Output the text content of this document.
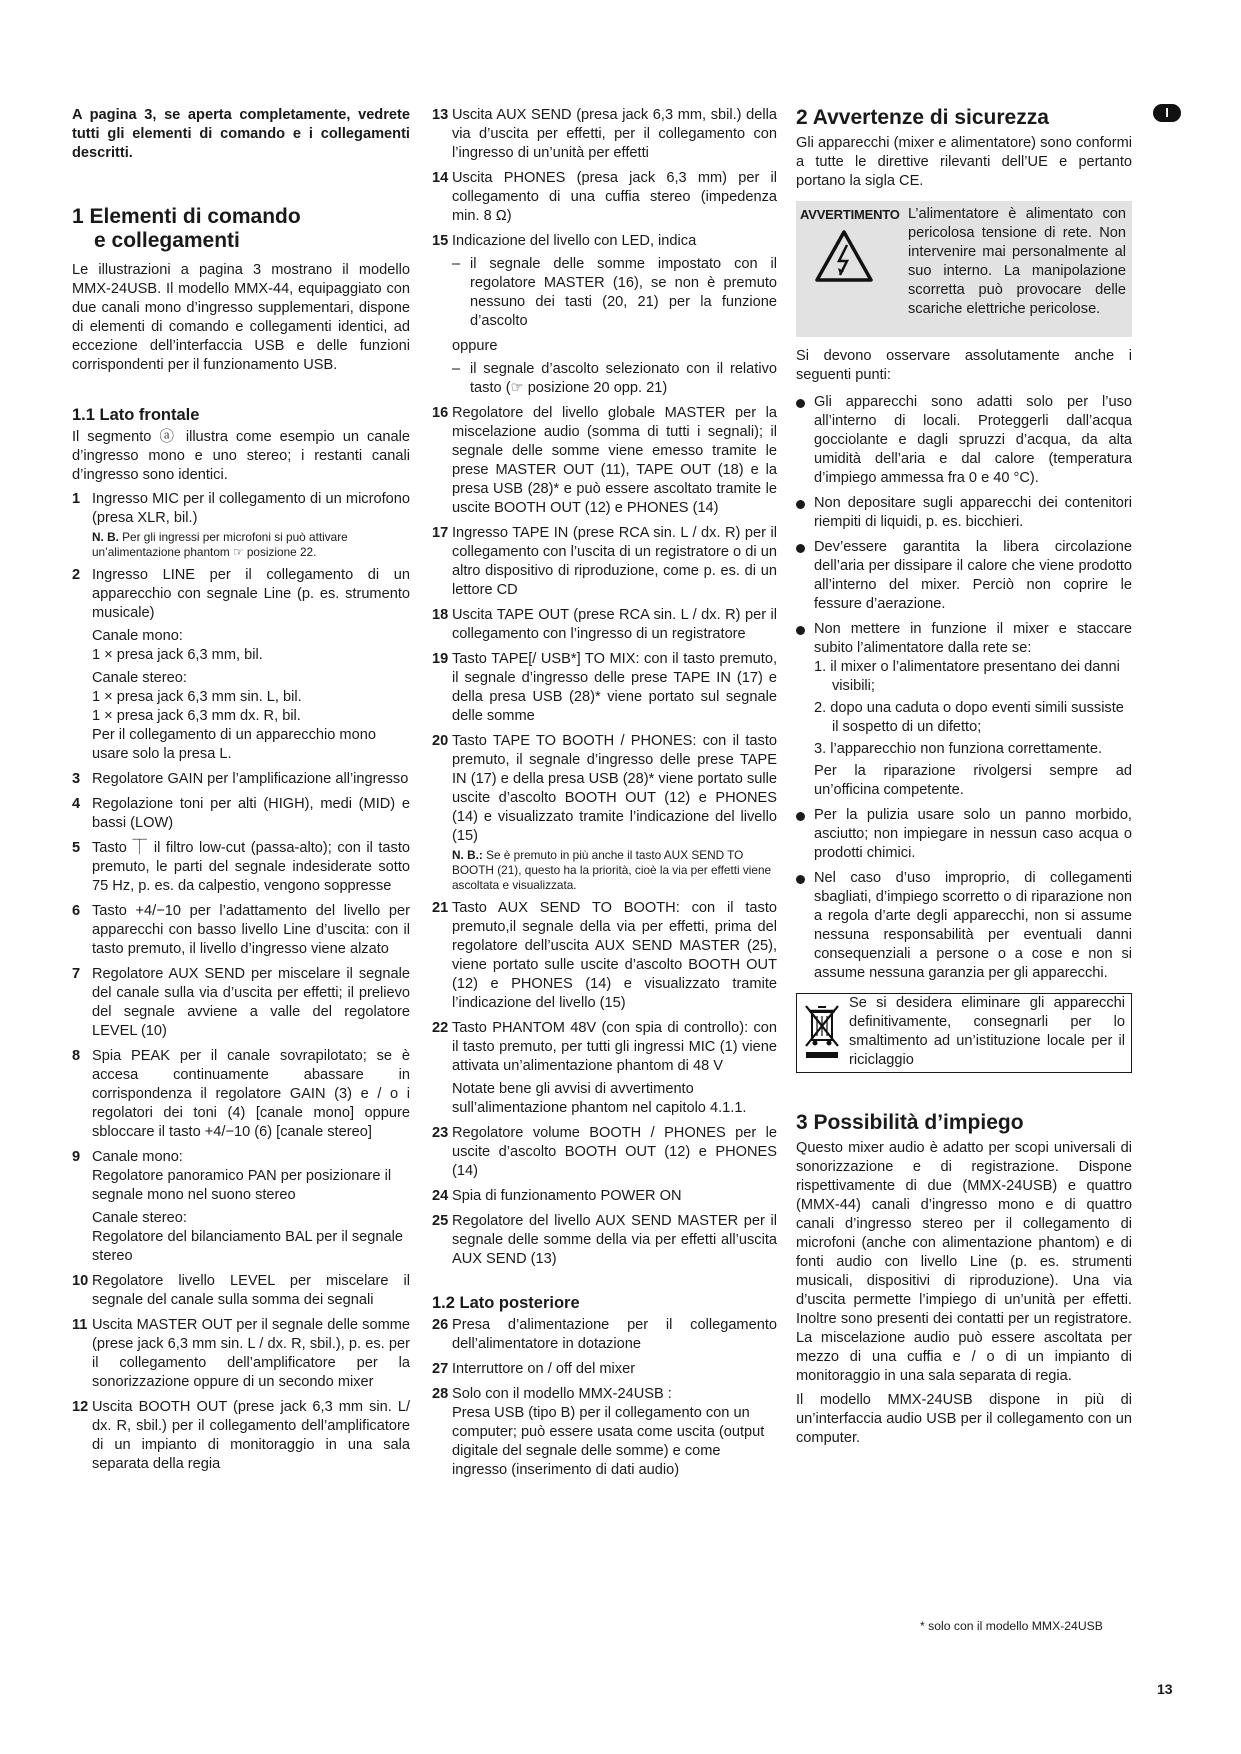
I

A pagina 3, se aperta completamente, vedrete tutti gli elementi di comando e i collegamenti descritti.

1 Elementi di comando
e collegamenti

Le illustrazioni a pagina 3 mostrano il modello MMX-24USB. Il modello MMX-44, equipaggiato con due canali mono d’ingresso supplementari, dispone di elementi di comando e collegamenti identici, ad eccezione dell’interfaccia USB e delle funzioni corrispondenti per il funzionamento USB.

1.1 Lato frontale

Il segmento ⓐ illustra come esempio un canale d’ingresso mono e uno stereo; i restanti canali d’ingresso sono identici.

1 Ingresso MIC per il collegamento di un microfono (presa XLR, bil.)
N. B. Per gli ingressi per microfoni si può attivare un’alimentazione phantom ☞ posizione 22.
2 Ingresso LINE per il collegamento di un apparecchio con segnale Line (p. es. strumento musicale)
Canale mono:
1 × presa jack 6,3 mm, bil.
Canale stereo:
1 × presa jack 6,3 mm sin. L, bil.
1 × presa jack 6,3 mm dx. R, bil.
Per il collegamento di un apparecchio mono usare solo la presa L.
3 Regolatore GAIN per l’amplificazione all’ingresso
4 Regolazione toni per alti (HIGH), medi (MID) e bassi (LOW)
5 Tasto ⏉ il filtro low-cut (passa-alto); con il tasto premuto, le parti del segnale indesiderate sotto 75 Hz, p. es. da calpestio, vengono soppresse
6 Tasto +4/−10 per l’adattamento del livello per apparecchi con basso livello Line d’uscita: con il tasto premuto, il livello d’ingresso viene alzato
7 Regolatore AUX SEND per miscelare il segnale del canale sulla via d’uscita per effetti; il prelievo del segnale avviene a valle del regolatore LEVEL (10)
8 Spia PEAK per il canale sovrapilotato; se è accesa continuamente abassare in corrispondenza il regolatore GAIN (3) e / o i regolatori dei toni (4) [canale mono] oppure sbloccare il tasto +4/−10 (6) [canale stereo]
9 Canale mono:
Regolatore panoramico PAN per posizionare il segnale mono nel suono stereo
Canale stereo:
Regolatore del bilanciamento BAL per il segnale stereo
10 Regolatore livello LEVEL per miscelare il segnale del canale sulla somma dei segnali
11 Uscita MASTER OUT per il segnale delle somme (prese jack 6,3 mm sin. L / dx. R, sbil.), p. es. per il collegamento dell’amplificatore per la sonorizzazione oppure di un secondo mixer
12 Uscita BOOTH OUT (prese jack 6,3 mm sin. L/ dx. R, sbil.) per il collegamento dell’amplificatore di un impianto di monitoraggio in una sala separata della regia
13 Uscita AUX SEND (presa jack 6,3 mm, sbil.) della via d’uscita per effetti, per il collegamento con l’ingresso di un’unità per effetti
14 Uscita PHONES (presa jack 6,3 mm) per il collegamento di una cuffia stereo (impedenza min. 8 Ω)
15 Indicazione del livello con LED, indica
– il segnale delle somme impostato con il regolatore MASTER (16), se non è premuto nessuno dei tasti (20, 21) per la funzione d’ascolto
oppure
– il segnale d’ascolto selezionato con il relativo tasto (☞ posizione 20 opp. 21)
16 Regolatore del livello globale MASTER per la miscelazione audio (somma di tutti i segnali); il segnale delle somme viene emesso tramite le prese MASTER OUT (11), TAPE OUT (18) e la presa USB (28)* e può essere ascoltato tramite le uscite BOOTH OUT (12) e PHONES (14)
17 Ingresso TAPE IN (prese RCA sin. L / dx. R) per il collegamento con l’uscita di un registratore o di un altro dispositivo di riproduzione, come p. es. di un lettore CD
18 Uscita TAPE OUT (prese RCA sin. L / dx. R) per il collegamento con l’ingresso di un registratore
19 Tasto TAPE[/ USB*] TO MIX: con il tasto premuto, il segnale d’ingresso delle prese TAPE IN (17) e della presa USB (28)* viene portato sul segnale delle somme
20 Tasto TAPE TO BOOTH / PHONES: con il tasto premuto, il segnale d’ingresso delle prese TAPE IN (17) e della presa USB (28)* viene portato sulle uscite d’ascolto BOOTH OUT (12) e PHONES (14) e visualizzato tramite l’indicazione del livello (15)
N. B.: Se è premuto in più anche il tasto AUX SEND TO BOOTH (21), questo ha la priorità, cioè la via per effetti viene ascoltata e visualizzata.
21 Tasto AUX SEND TO BOOTH: con il tasto premuto,il segnale della via per effetti, prima del regolatore dell’uscita AUX SEND MASTER (25), viene portato sulle uscite d’ascolto BOOTH OUT (12) e PHONES (14) e visualizzato tramite l’indicazione del livello (15)
22 Tasto PHANTOM 48V (con spia di controllo): con il tasto premuto, per tutti gli ingressi MIC (1) viene attivata un’alimentazione phantom di 48 V
Notate bene gli avvisi di avvertimento sull’alimentazione phantom nel capitolo 4.1.1.
23 Regolatore volume BOOTH / PHONES per le uscite d’ascolto BOOTH OUT (12) e PHONES (14)
24 Spia di funzionamento POWER ON
25 Regolatore del livello AUX SEND MASTER per il segnale delle somme della via per effetti all’uscita AUX SEND (13)
1.2 Lato posteriore
26 Presa d’alimentazione per il collegamento dell’alimentatore in dotazione
27 Interruttore on / off del mixer
28 Solo con il modello MMX-24USB :
Presa USB (tipo B) per il collegamento con un computer; può essere usata come uscita (output digitale del segnale delle somme) e come ingresso (inserimento di dati audio)
2 Avvertenze di sicurezza

Gli apparecchi (mixer e alimentatore) sono conformi a tutte le direttive rilevanti dell’UE e pertanto portano la sigla CE.

AVVERTIMENTO L’alimentatore è alimentato con pericolosa tensione di rete. Non intervenire mai personalmente al suo interno. La manipolazione scorretta può provocare delle scariche elettriche pericolose.

Si devono osservare assolutamente anche i seguenti punti:

Gli apparecchi sono adatti solo per l’uso all’interno di locali. Proteggerli dall’acqua gocciolante e dagli spruzzi d’acqua, da alta umidità dell’aria e dal calore (temperatura d’impiego ammessa fra 0 e 40 °C).
Non depositare sugli apparecchi dei contenitori riempiti di liquidi, p. es. bicchieri.
Dev’essere garantita la libera circolazione dell’aria per dissipare il calore che viene prodotto all’interno del mixer. Perciò non coprire le fessure d’aerazione.
Non mettere in funzione il mixer e staccare subito l’alimentatore dalla rete se:
1. il mixer o l’alimentatore presentano dei danni visibili;
2. dopo una caduta o dopo eventi simili sussiste il sospetto di un difetto;
3. l’apparecchio non funziona correttamente.
Per la riparazione rivolgersi sempre ad un’officina competente.
Per la pulizia usare solo un panno morbido, asciutto; non impiegare in nessun caso acqua o prodotti chimici.
Nel caso d’uso improprio, di collegamenti sbagliati, d’impiego scorretto o di riparazione non a regola d’arte degli apparecchi, non si assume nessuna responsabilità per eventuali danni consequenziali a persone o a cose e non si assume nessuna garanzia per gli apparecchi.
Se si desidera eliminare gli apparecchi definitivamente, consegnarli per lo smaltimento ad un’istituzione locale per il riciclaggio
3 Possibilità d’impiego

Questo mixer audio è adatto per scopi universali di sonorizzazione e di registrazione. Dispone rispettivamente di due (MMX-24USB) e quattro (MMX-44) canali d’ingresso mono e di quattro canali d’ingresso stereo per il collegamento di microfoni (anche con alimentazione phantom) e di fonti audio con livello Line (p. es. strumenti musicali, dispositivi di riproduzione). Una via d’uscita permette l’impiego di un’unità per effetti. Inoltre sono presenti dei contatti per un registratore. La miscelazione audio può essere ascoltata per mezzo di una cuffia e / o di un impianto di monitoraggio in una sala separata di regia.

Il modello MMX-24USB dispone in più di un’interfaccia audio USB per il collegamento con un computer.

* solo con il modello MMX-24USB
13
